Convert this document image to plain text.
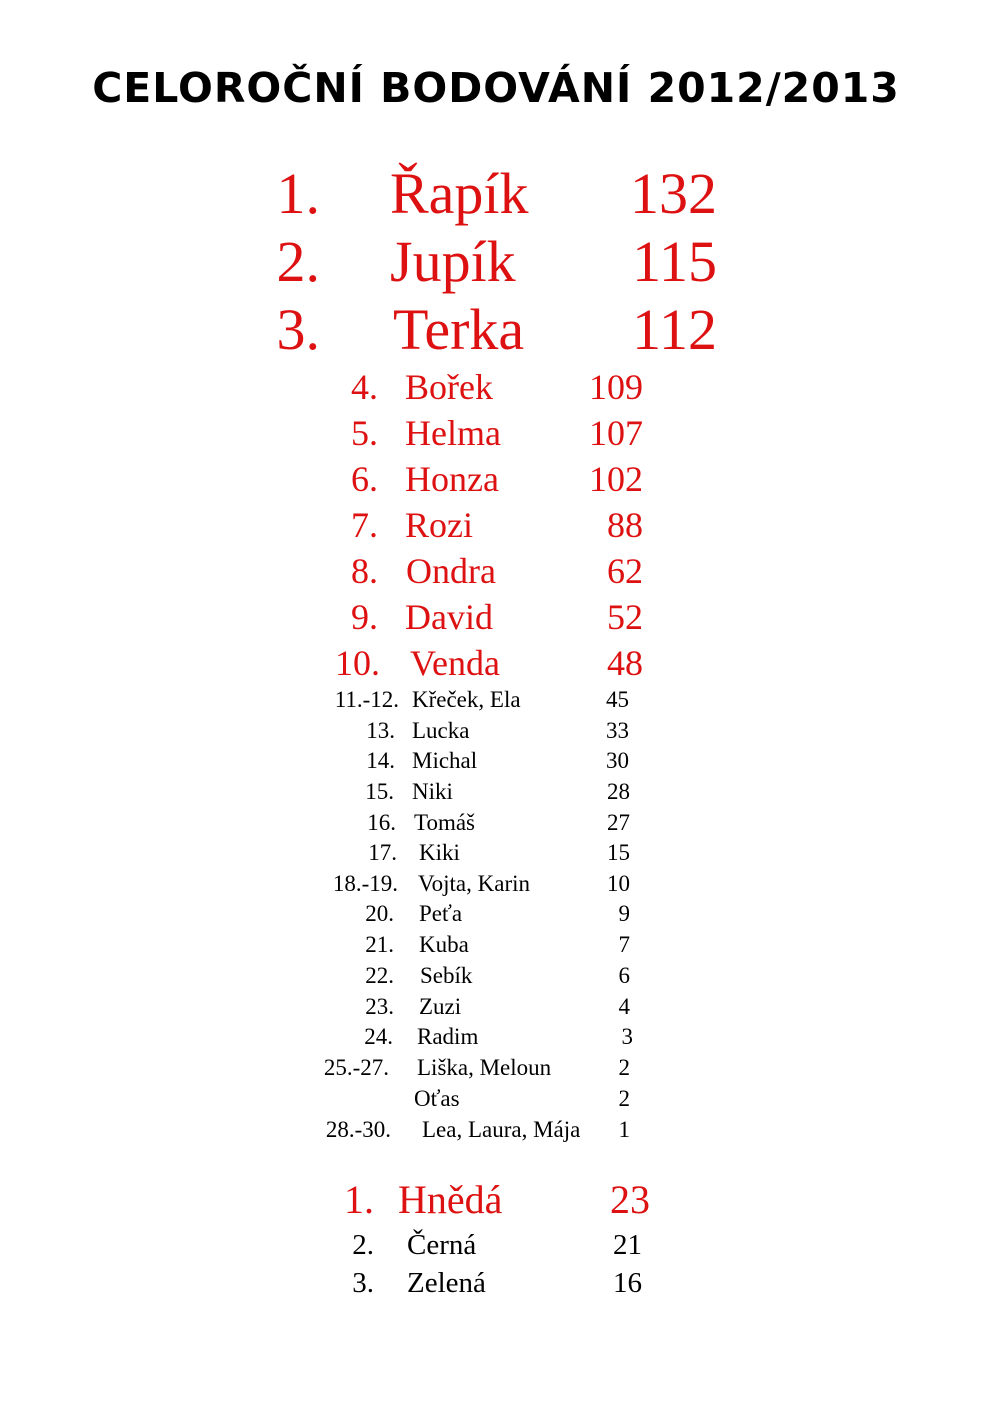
CELOROČNÍ BODOVÁNÍ 2012/2013
1. Řapík	132
2. Jupík	115
3. Terka	112
4. Bořek	109
5. Helma	107
6. Honza	102
7. Rozi	88
8. Ondra	62
9. David	52
10. Venda	48
11.-12. Křeček, Ela	45
13. Lucka	33
14. Michal	30
15. Niki	28
16. Tomáš	27
17. Kiki	15
18.-19. Vojta, Karin	10
20. Peťa	9
21. Kuba	7
22. Sebík	6
23. Zuzi	4
24. Radim	3
25.-27. Liška, Meloun	2
Oťas	2
28.-30. Lea, Laura, Mája	1
1. Hnědá	23
2. Černá	21
3. Zelená	16
